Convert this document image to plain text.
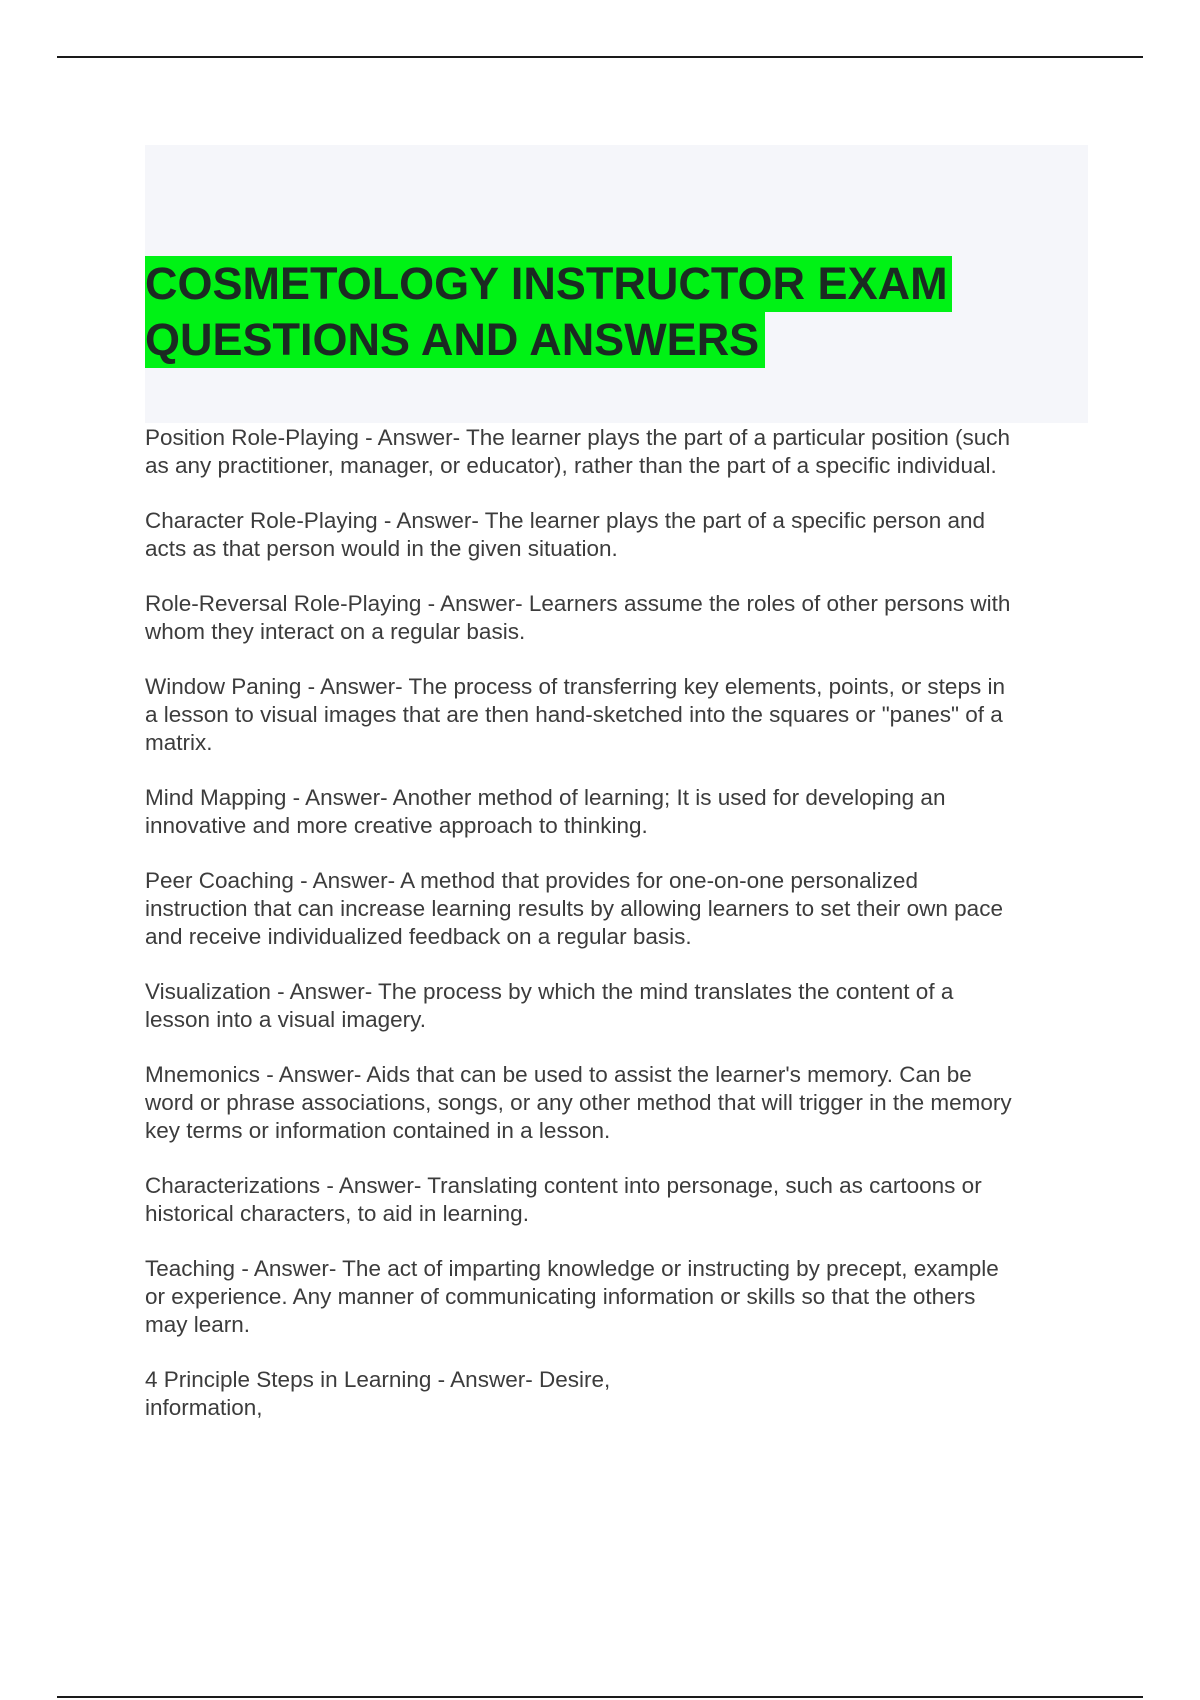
COSMETOLOGY INSTRUCTOR EXAM
QUESTIONS AND ANSWERS

Position Role-Playing - Answer- The learner plays the part of a particular position (such
as any practitioner, manager, or educator), rather than the part of a specific individual.

Character Role-Playing - Answer- The learner plays the part of a specific person and
acts as that person would in the given situation.

Role-Reversal Role-Playing - Answer- Learners assume the roles of other persons with
whom they interact on a regular basis.

Window Paning - Answer- The process of transferring key elements, points, or steps in
a lesson to visual images that are then hand-sketched into the squares or "panes" of a
matrix.

Mind Mapping - Answer- Another method of learning; It is used for developing an
innovative and more creative approach to thinking.

Peer Coaching - Answer- A method that provides for one-on-one personalized
instruction that can increase learning results by allowing learners to set their own pace
and receive individualized feedback on a regular basis.

Visualization - Answer- The process by which the mind translates the content of a
lesson into a visual imagery.

Mnemonics - Answer- Aids that can be used to assist the learner's memory. Can be
word or phrase associations, songs, or any other method that will trigger in the memory
key terms or information contained in a lesson.

Characterizations - Answer- Translating content into personage, such as cartoons or
historical characters, to aid in learning.

Teaching - Answer- The act of imparting knowledge or instructing by precept, example
or experience. Any manner of communicating information or skills so that the others
may learn.

4 Principle Steps in Learning - Answer- Desire,
information,
